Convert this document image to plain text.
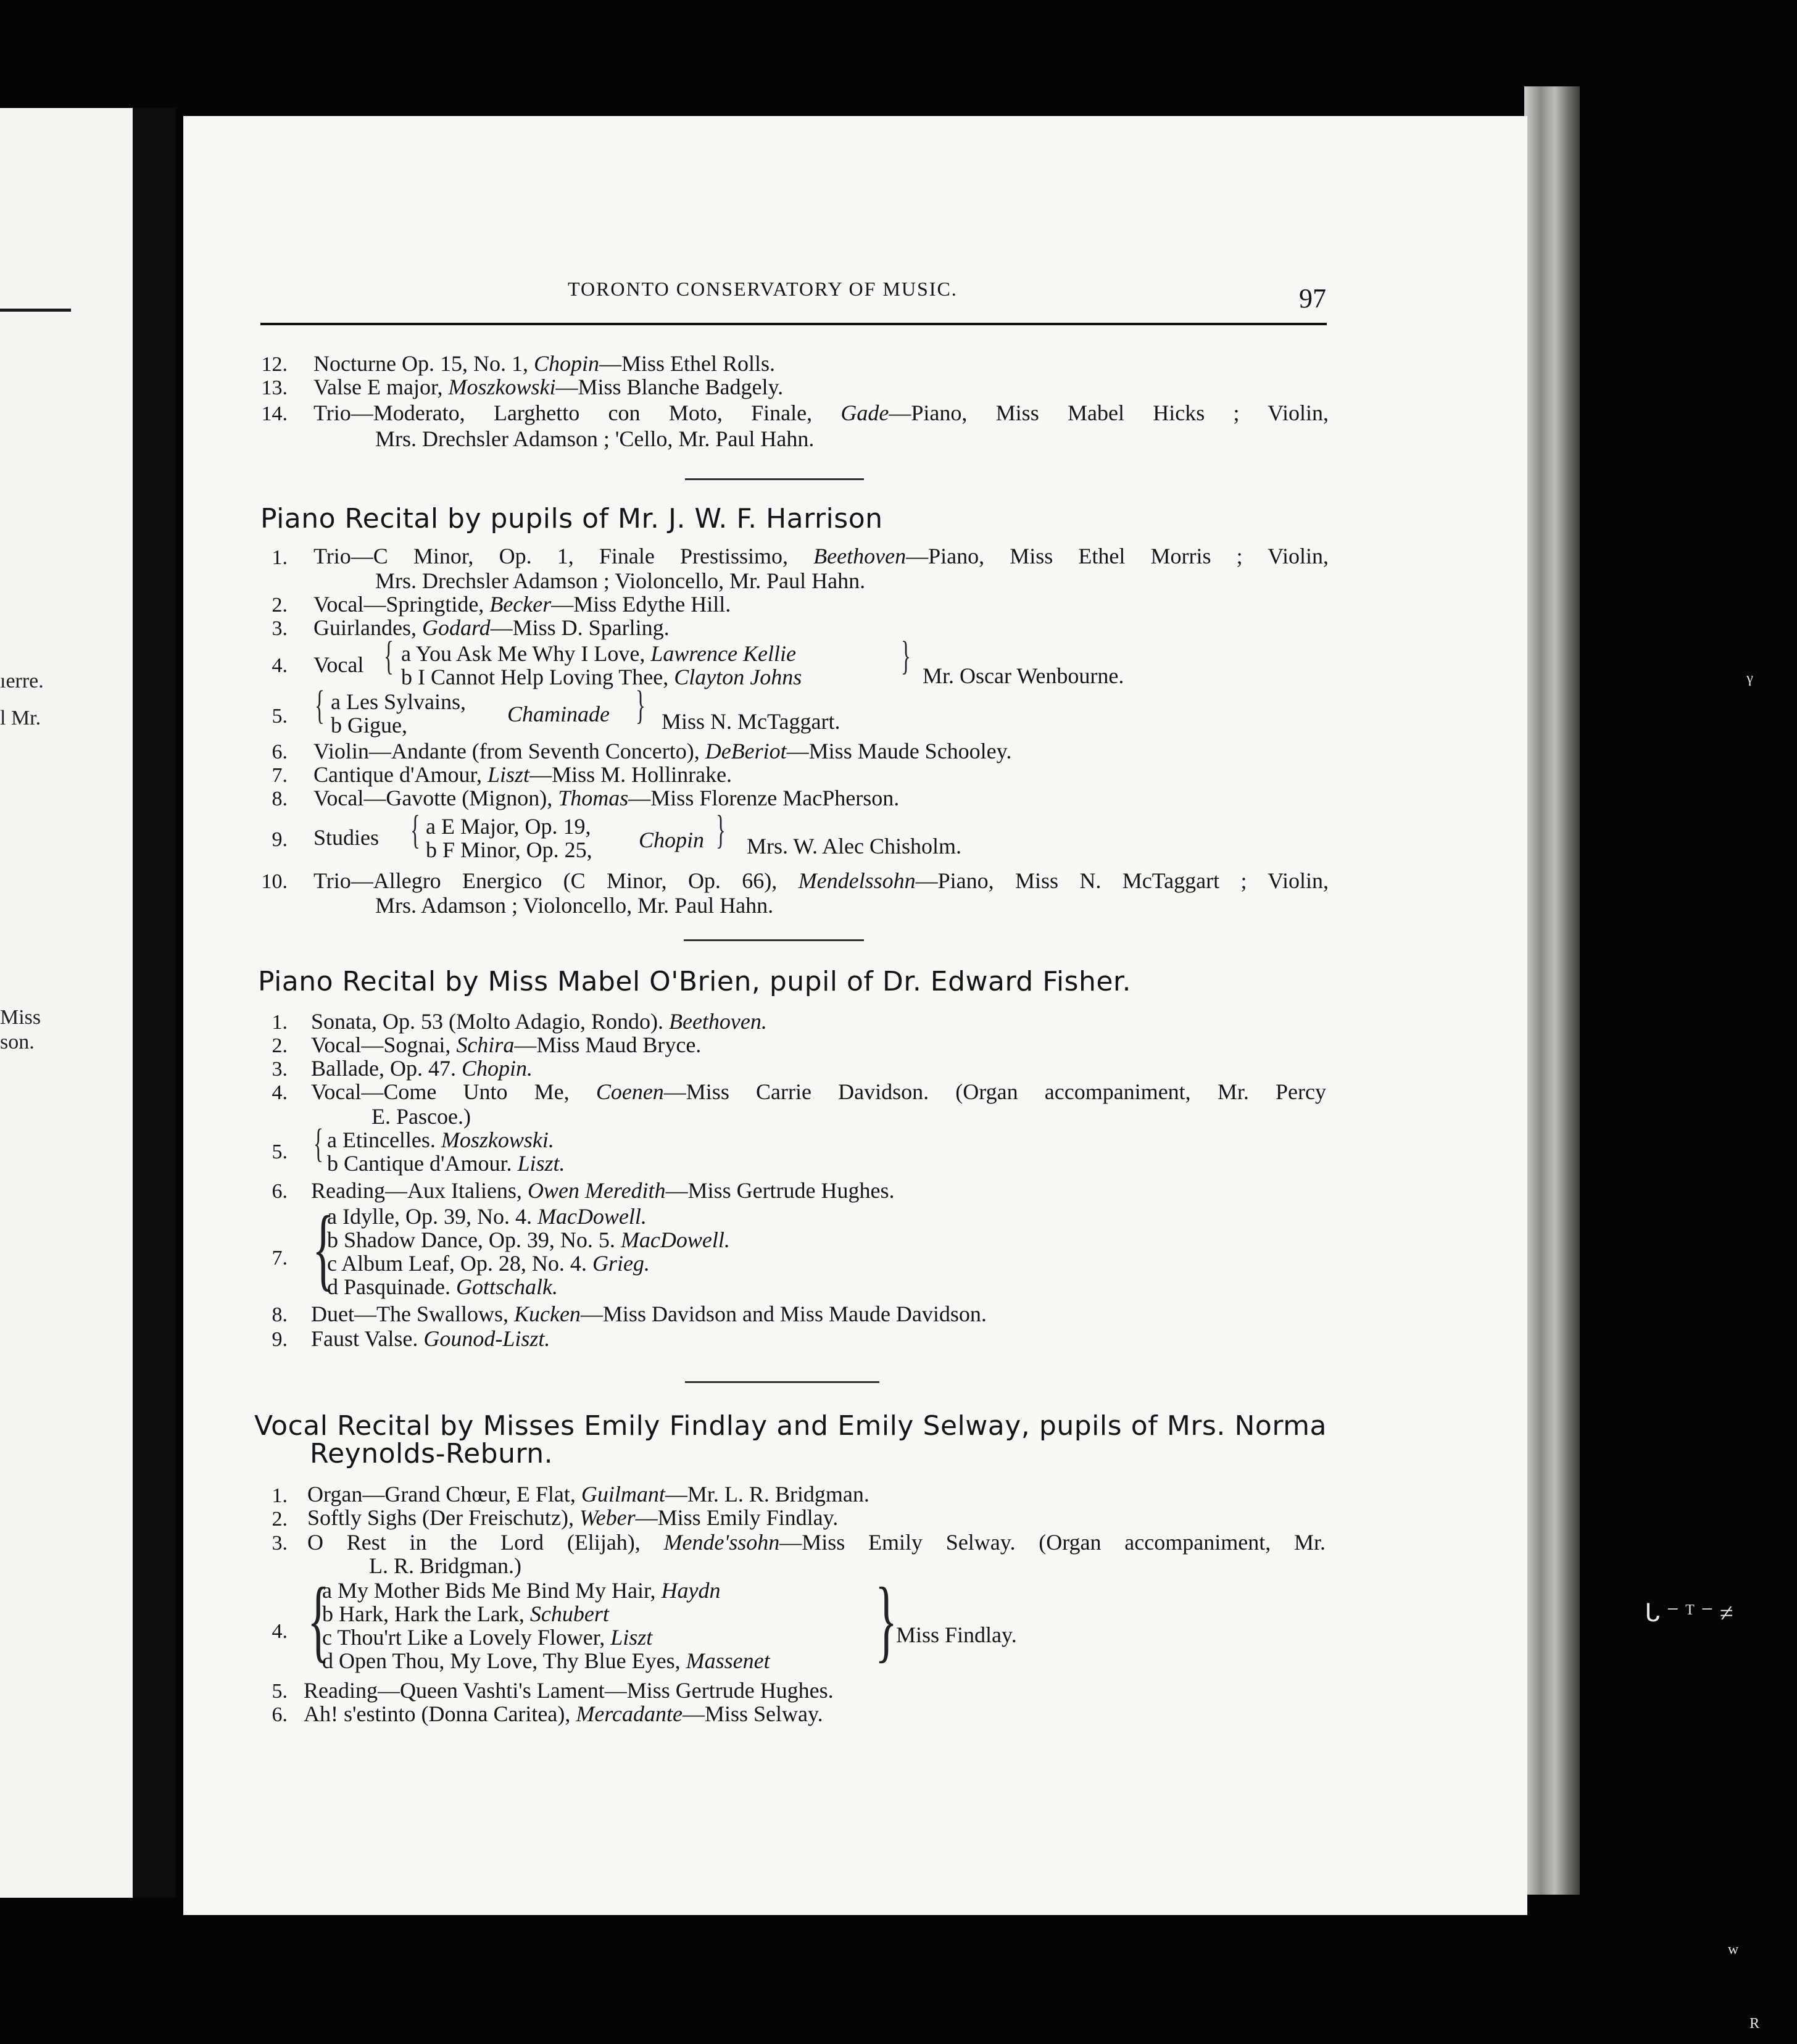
ıerre.
l Mr.
Miss
son.
TORONTO CONSERVATORY OF MUSIC.	97
12. Nocturne Op. 15, No. 1, Chopin—Miss Ethel Rolls.
13. Valse E major, Moszkowski—Miss Blanche Badgely.
14. Trio—Moderato, Larghetto con Moto, Finale, Gade—Piano, Miss Mabel Hicks ; Violin,
Mrs. Drechsler Adamson ; 'Cello, Mr. Paul Hahn.
Piano Recital by pupils of Mr. J. W. F. Harrison
1. Trio—C Minor, Op. 1, Finale Prestissimo, Beethoven—Piano, Miss Ethel Morris ; Violin,
Mrs. Drechsler Adamson ; Violoncello, Mr. Paul Hahn.
2. Vocal—Springtide, Becker—Miss Edythe Hill.
3. Guirlandes, Godard—Miss D. Sparling.
4. Vocal { a You Ask Me Why I Love, Lawrence Kellie
b I Cannot Help Loving Thee, Clayton Johns } Mr. Oscar Wenbourne.
5. { a Les Sylvains,
b Gigue,	Chaminade } Miss N. McTaggart.
6. Violin—Andante (from Seventh Concerto), DeBeriot—Miss Maude Schooley.
7. Cantique d'Amour, Liszt—Miss M. Hollinrake.
8. Vocal—Gavotte (Mignon), Thomas—Miss Florenze MacPherson.
9. Studies { a E Major, Op. 19,
b F Minor, Op. 25, Chopin } Mrs. W. Alec Chisholm.
10. Trio—Allegro Energico (C Minor, Op. 66), Mendelssohn—Piano, Miss N. McTaggart ; Violin,
Mrs. Adamson ; Violoncello, Mr. Paul Hahn.
Piano Recital by Miss Mabel O'Brien, pupil of Dr. Edward Fisher.
1. Sonata, Op. 53 (Molto Adagio, Rondo). Beethoven.
2. Vocal—Sognai, Schira—Miss Maud Bryce.
3. Ballade, Op. 47. Chopin.
4. Vocal—Come Unto Me, Coenen—Miss Carrie Davidson. (Organ accompaniment, Mr. Percy
E. Pascoe.)
5. { a Etincelles. Moszkowski.
b Cantique d'Amour. Liszt.
6. Reading—Aux Italiens, Owen Meredith—Miss Gertrude Hughes.
7. {
a Idylle, Op. 39, No. 4. MacDowell.
b Shadow Dance, Op. 39, No. 5. MacDowell.
c Album Leaf, Op. 28, No. 4. Grieg.
d Pasquinade. Gottschalk.
8. Duet—The Swallows, Kucken—Miss Davidson and Miss Maude Davidson.
9. Faust Valse. Gounod-Liszt.
Vocal Recital by Misses Emily Findlay and Emily Selway, pupils of Mrs. Norma
Reynolds-Reburn.
1. Organ—Grand Chœur, E Flat, Guilmant—Mr. L. R. Bridgman.
2. Softly Sighs (Der Freischutz), Weber—Miss Emily Findlay.
3. O Rest in the Lord (Elijah), Mende'ssohn—Miss Emily Selway. (Organ accompaniment, Mr.
L. R. Bridgman.)
4. {
a My Mother Bids Me Bind My Hair, Haydn
b Hark, Hark the Lark, Schubert
c Thou'rt Like a Lovely Flower, Liszt
d Open Thou, My Love, Thy Blue Eyes, Massenet }
Miss Findlay.
5. Reading—Queen Vashti's Lament—Miss Gertrude Hughes.
6. Ah! s'estinto (Donna Caritea), Mercadante—Miss Selway.
ᵞ
ᒐ ⁻ ᵀ ⁻ ≠
ʷ
ᴿ
